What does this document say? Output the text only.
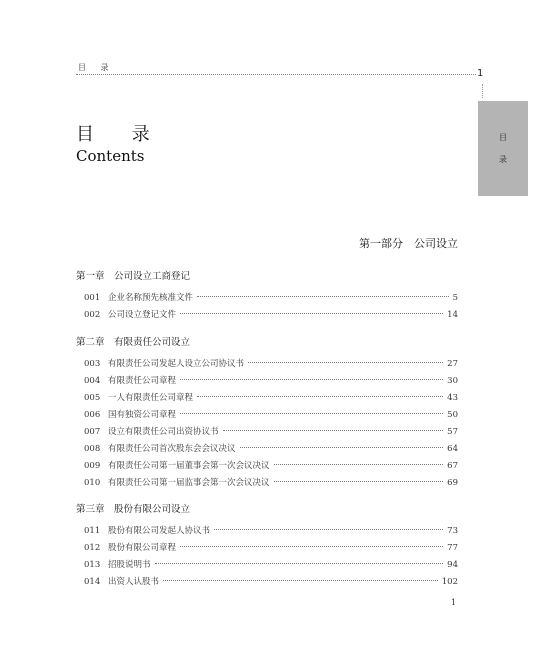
目 录
1
目
录
目 录
Contents
第一部分　公司设立
第一章　公司设立工商登记
001 企业名称预先核准文件	5
002 公司设立登记文件	14
第二章　有限责任公司设立
003 有限责任公司发起人设立公司协议书	27
004 有限责任公司章程	30
005 一人有限责任公司章程	43
006 国有独资公司章程	50
007 设立有限责任公司出资协议书	57
008 有限责任公司首次股东会会议决议	64
009 有限责任公司第一届董事会第一次会议决议	67
010 有限责任公司第一届监事会第一次会议决议	69
第三章　股份有限公司设立
011 股份有限公司发起人协议书	73
012 股份有限公司章程	77
013 招股说明书	94
014 出资人认股书	102
1
